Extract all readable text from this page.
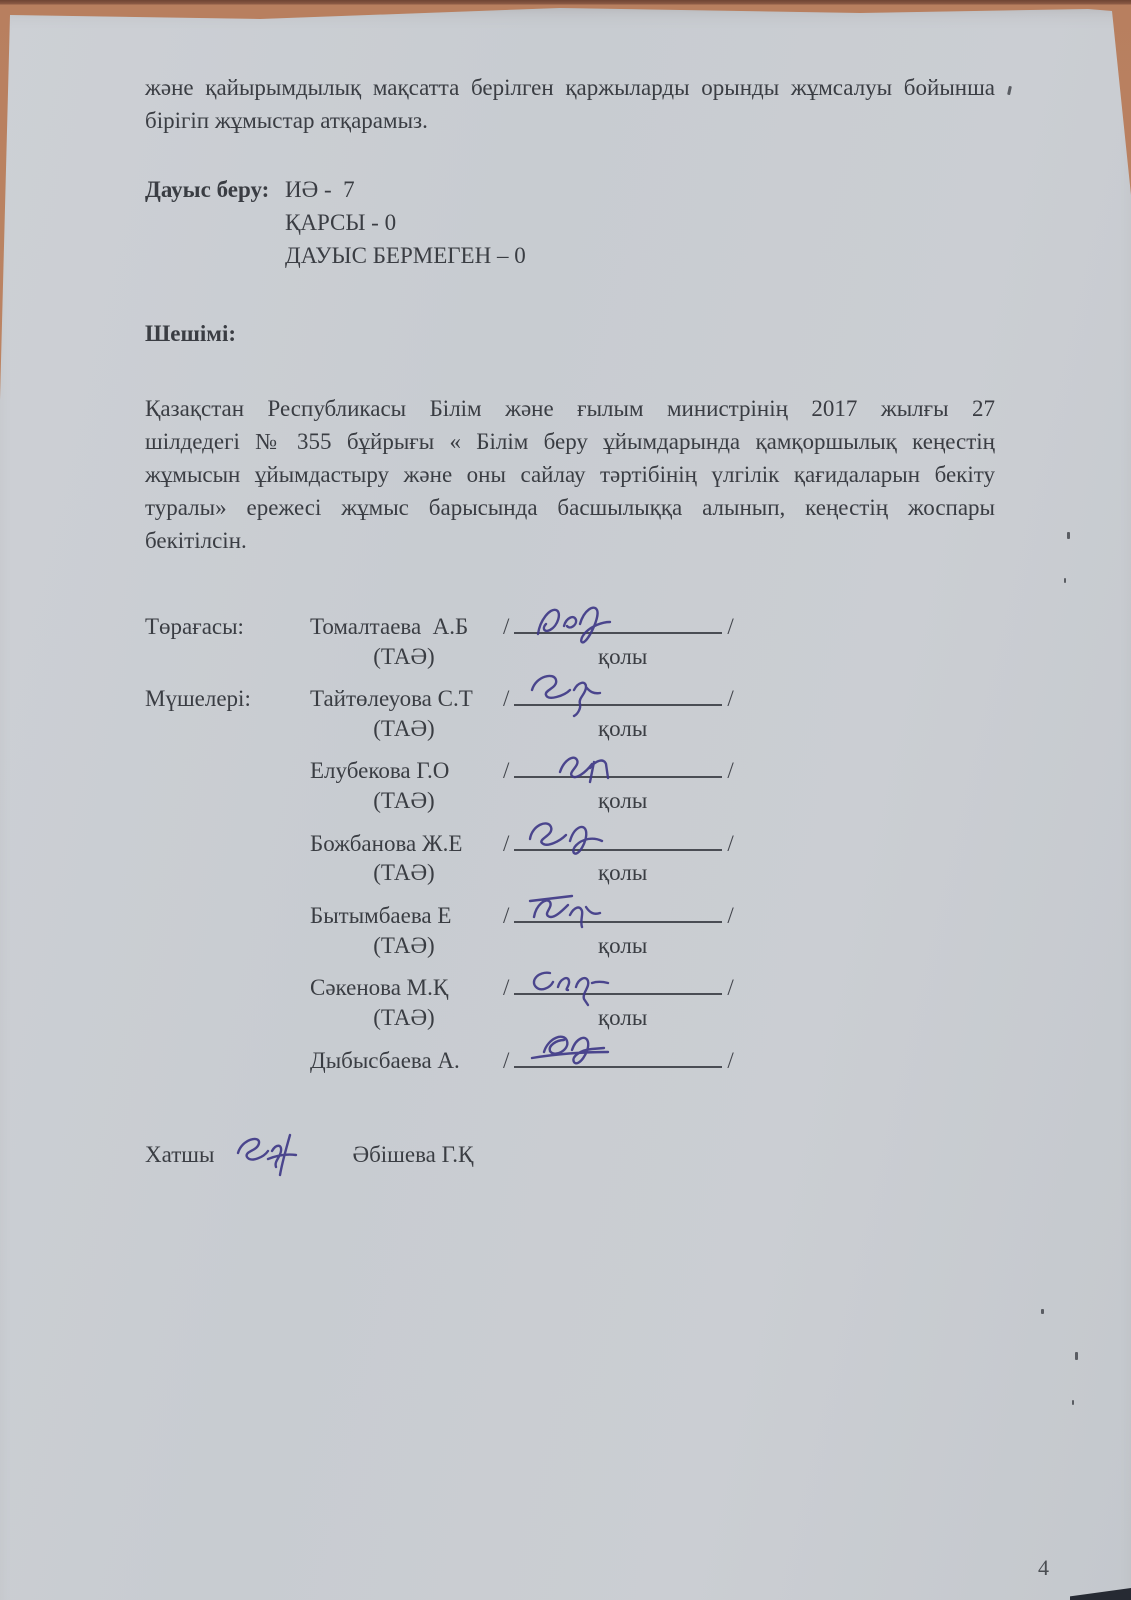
және қайырымдылық мақсатта берілген қаржыларды орынды жұмсалуы бойынша бірігіп жұмыстар атқарамыз.

Дауыс беру: ИӘ -  7
ҚАРСЫ - 0
ДАУЫС БЕРМЕГЕН – 0
Шешімі:

Қазақстан Республикасы Білім және ғылым министрінің 2017 жылғы 27 шілдедегі № 355 бұйрығы « Білім беру ұйымдарында қамқоршылық кеңестің жұмысын ұйымдастыру және оны сайлау тәртібінің үлгілік қағидаларын бекіту туралы» ережесі жұмыс барысында басшылыққа алынып, кеңестің жоспары бекітілсін.

Төрағасы:	Томалтаева  А.Б	/	/
(ТАӘ)	қолы
Мүшелері:	Тайтөлеуова С.Т	/	/
(ТАӘ)	қолы
Елубекова Г.О	/	/
(ТАӘ)	қолы
Божбанова Ж.Е	/	/
(ТАӘ)	қолы
Бытымбаева Е	/	/
(ТАӘ)	қолы
Сәкенова М.Қ	/	/
(ТАӘ)	қолы
Дыбысбаева А.	/	/
Хатшы	Әбішева Г.Қ
4
